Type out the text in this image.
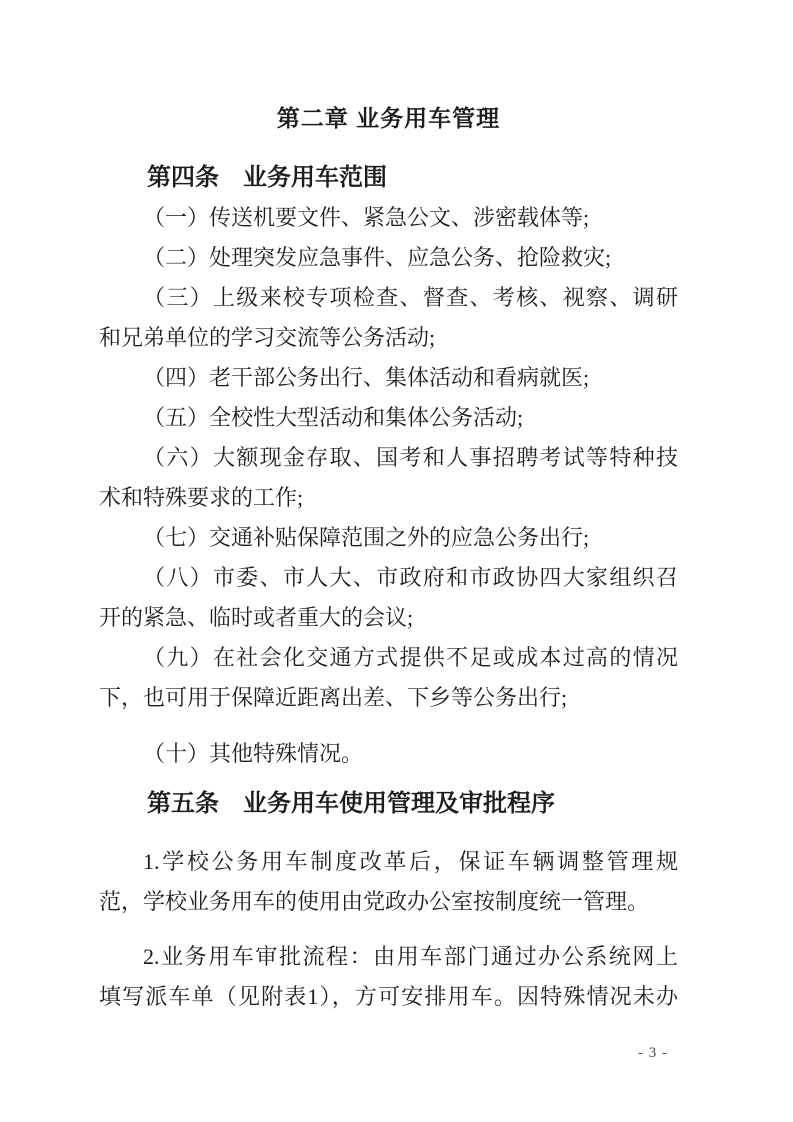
第二章 业务用车管理
第四条　业务用车范围
（一）传送机要文件、紧急公文、涉密载体等;
（二）处理突发应急事件、应急公务、抢险救灾;
（三）上级来校专项检查、督查、考核、视察、调研
和兄弟单位的学习交流等公务活动;
（四）老干部公务出行、集体活动和看病就医;
（五）全校性大型活动和集体公务活动;
（六）大额现金存取、国考和人事招聘考试等特种技
术和特殊要求的工作;
（七）交通补贴保障范围之外的应急公务出行;
（八）市委、市人大、市政府和市政协四大家组织召
开的紧急、临时或者重大的会议;
（九）在社会化交通方式提供不足或成本过高的情况
下，也可用于保障近距离出差、下乡等公务出行;
（十）其他特殊情况。
第五条　业务用车使用管理及审批程序
1.学校公务用车制度改革后，保证车辆调整管理规
范，学校业务用车的使用由党政办公室按制度统一管理。
2.业务用车审批流程：由用车部门通过办公系统网上
填写派车单（见附表1），方可安排用车。因特殊情况未办
- 3 -
